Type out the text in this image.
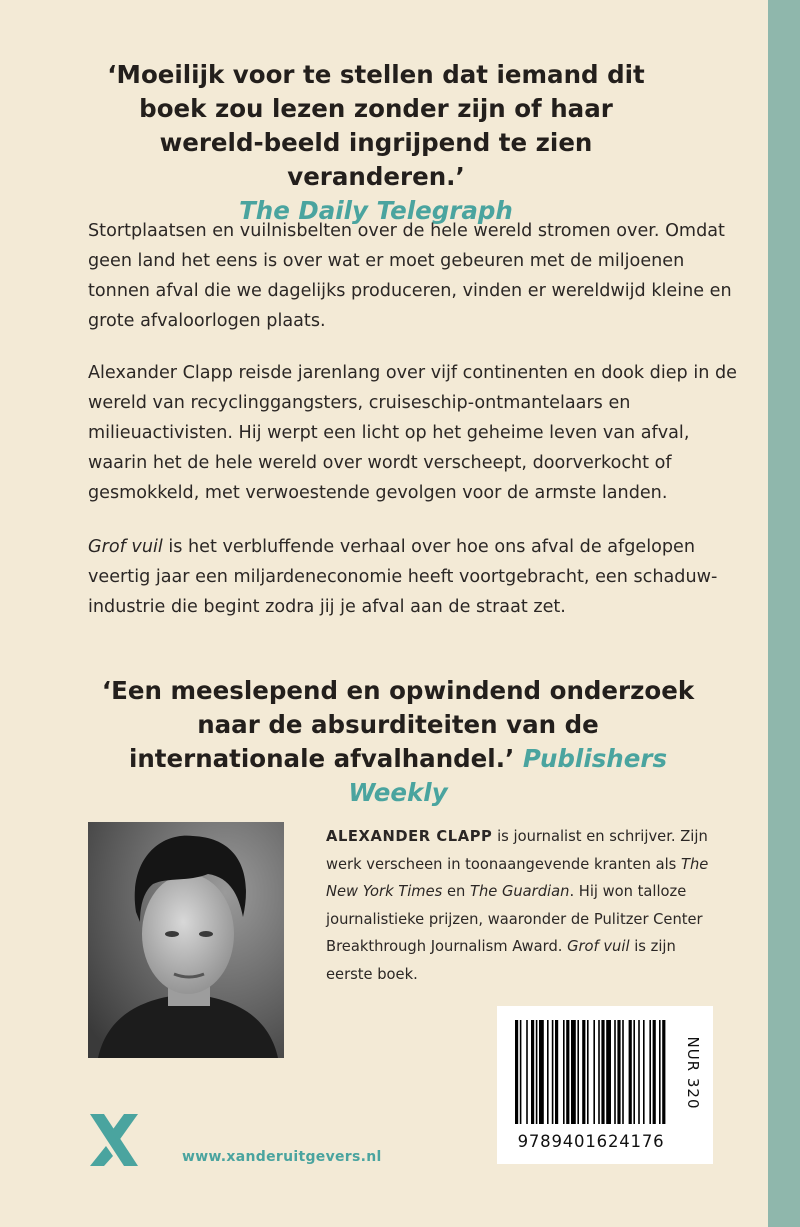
‘Moeilijk voor te stellen dat iemand dit boek zou lezen zonder zijn of haar wereld-beeld ingrijpend te zien veranderen.’
The Daily Telegraph
Stortplaatsen en vuilnisbelten over de hele wereld stromen over. Omdat geen land het eens is over wat er moet gebeuren met de miljoenen tonnen afval die we dagelijks produceren, vinden er wereldwijd kleine en grote afvaloorlogen plaats.
Alexander Clapp reisde jarenlang over vijf continenten en dook diep in de wereld van recyclinggangsters, cruiseschip-ontmantelaars en milieuactivisten. Hij werpt een licht op het geheime leven van afval, waarin het de hele wereld over wordt verscheept, doorverkocht of gesmokkeld, met verwoestende gevolgen voor de armste landen.
Grof vuil is het verbluffende verhaal over hoe ons afval de afgelopen veertig jaar een miljardeneconomie heeft voortgebracht, een schaduw-industrie die begint zodra jij je afval aan de straat zet.
‘Een meeslepend en opwindend onderzoek naar de absurditeiten van de internationale afvalhandel.’ Publishers Weekly
ALEXANDER CLAPP is journalist en schrijver. Zijn werk verscheen in toonaangevende kranten als The New York Times en The Guardian. Hij won talloze journalistieke prijzen, waaronder de Pulitzer Center Breakthrough Journalism Award. Grof vuil is zijn eerste boek.
9789401624176
NUR 320
www.xanderuitgevers.nl
